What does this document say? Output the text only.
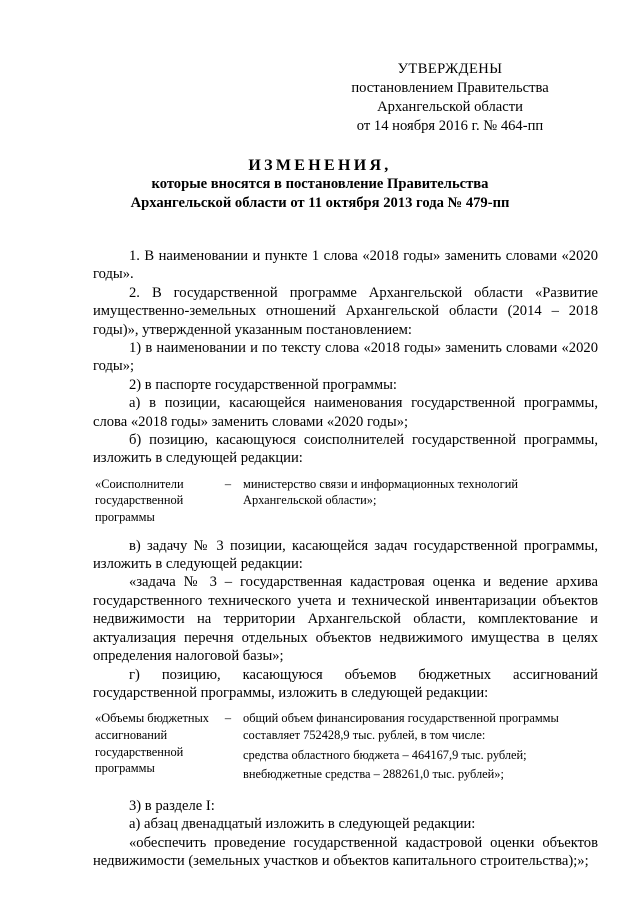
УТВЕРЖДЕНЫ
постановлением Правительства
Архангельской области
от 14 ноября 2016 г. № 464-пп
ИЗМЕНЕНИЯ,
которые вносятся в постановление Правительства
Архангельской области от 11 октября 2013 года № 479-пп

1. В наименовании и пункте 1 слова «2018 годы» заменить словами «2020 годы».

2. В государственной программе Архангельской области «Развитие имущественно-земельных отношений Архангельской области (2014 – 2018 годы)», утвержденной указанным постановлением:

1) в наименовании и по тексту слова «2018 годы» заменить словами «2020 годы»;

2) в паспорте государственной программы:

а) в позиции, касающейся наименования государственной программы, слова «2018 годы» заменить словами «2020 годы»;

б) позицию, касающуюся соисполнителей государственной программы, изложить в следующей редакции:

«Соисполнители государственной программы
– министерство связи и информационных технологий Архангельской области»;

в) задачу № 3 позиции, касающейся задач государственной программы, изложить в следующей редакции:

«задача № 3 – государственная кадастровая оценка и ведение архива государственного технического учета и технической инвентаризации объектов недвижимости на территории Архангельской области, комплектование и актуализация перечня отдельных объектов недвижимого имущества в целях определения налоговой базы»;

г) позицию, касающуюся объемов бюджетных ассигнований государственной программы, изложить в следующей редакции:

«Объемы бюджетных ассигнований государственной программы
– общий объем финансирования государственной программы составляет 752428,9 тыс. рублей, в том числе:
средства областного бюджета – 464167,9 тыс. рублей;
внебюджетные средства – 288261,0 тыс. рублей»;

3) в разделе I:

а) абзац двенадцатый изложить в следующей редакции:

«обеспечить проведение государственной кадастровой оценки объектов недвижимости (земельных участков и объектов капитального строительства);»;
